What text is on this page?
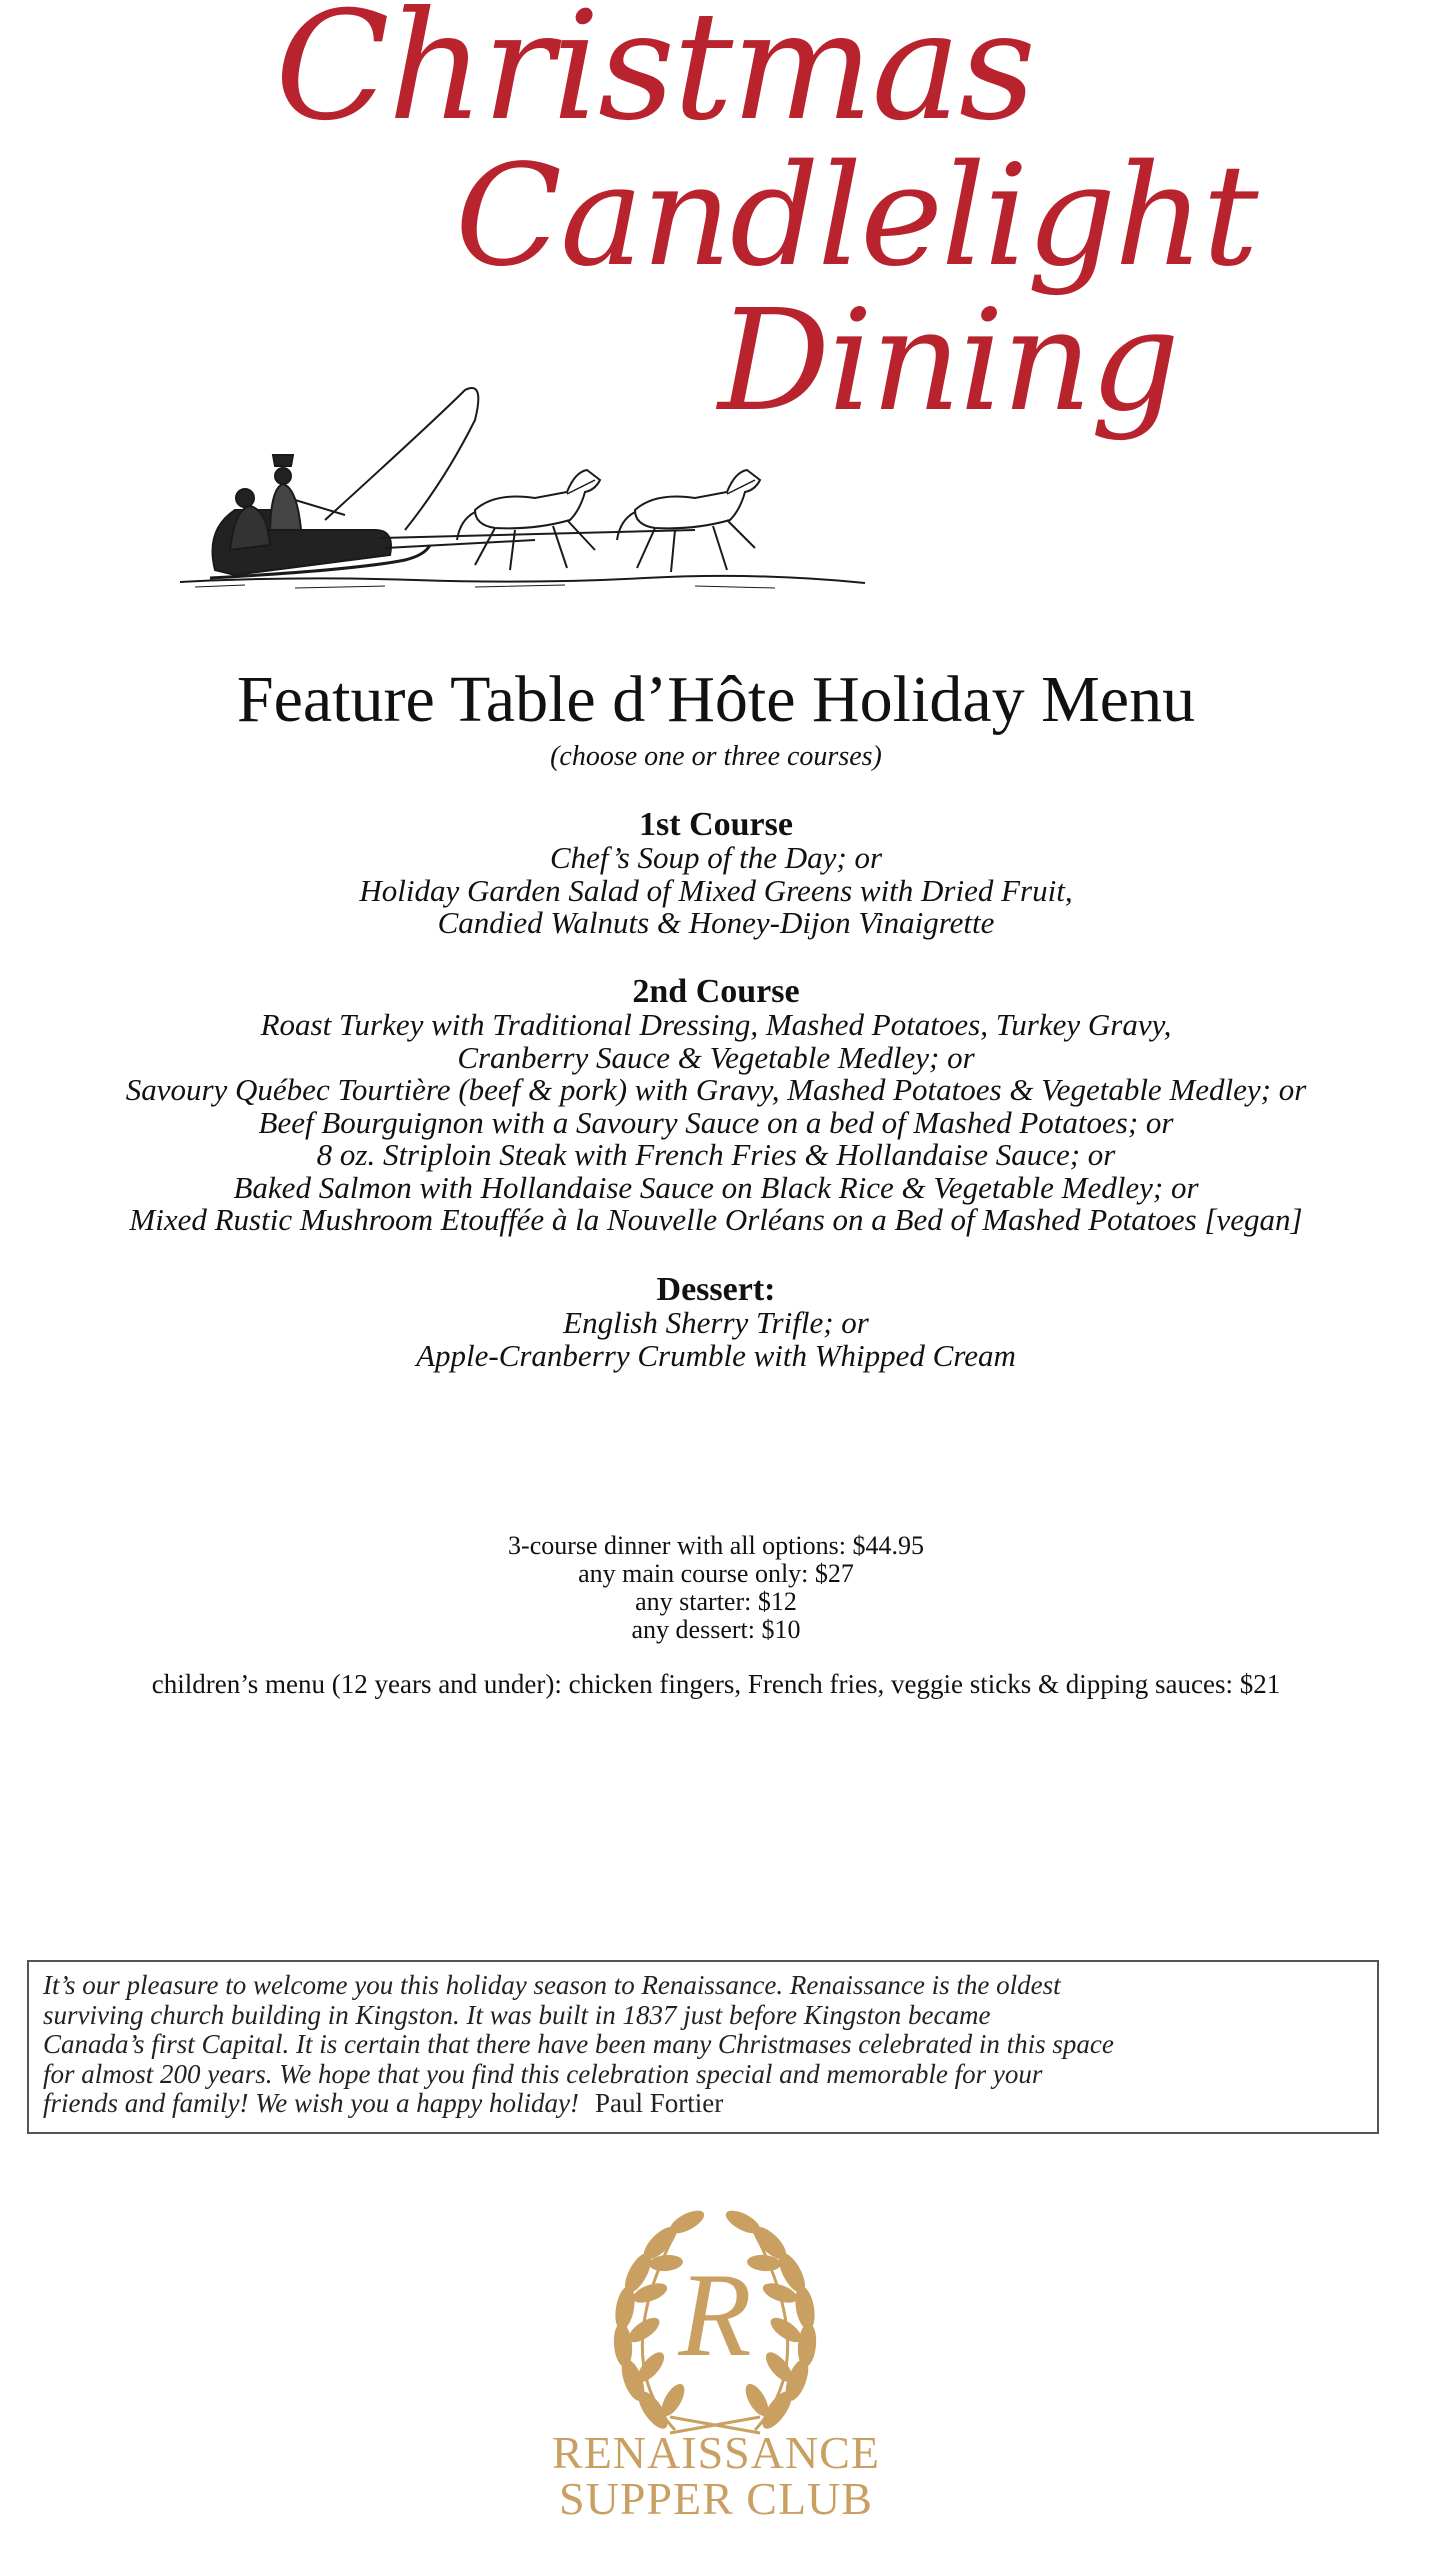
Christmas
Candlelight
Dining
Feature Table d’Hôte Holiday Menu
(choose one or three courses)
1st Course
Chef’s Soup of the Day; or
Holiday Garden Salad of Mixed Greens with Dried Fruit,
Candied Walnuts & Honey-Dijon Vinaigrette
2nd Course
Roast Turkey with Traditional Dressing, Mashed Potatoes, Turkey Gravy,
Cranberry Sauce & Vegetable Medley; or
Savoury Québec Tourtière (beef & pork) with Gravy, Mashed Potatoes & Vegetable Medley; or
Beef Bourguignon with a Savoury Sauce on a bed of Mashed Potatoes; or
8 oz. Striploin Steak with French Fries & Hollandaise Sauce; or
Baked Salmon with Hollandaise Sauce on Black Rice & Vegetable Medley; or
Mixed Rustic Mushroom Etouffée à la Nouvelle Orléans on a Bed of Mashed Potatoes [vegan]
Dessert:
English Sherry Trifle; or
Apple-Cranberry Crumble with Whipped Cream
3-course dinner with all options: $44.95
any main course only: $27
any starter: $12
any dessert: $10
children’s menu (12 years and under): chicken fingers, French fries, veggie sticks & dipping sauces: $21
It’s our pleasure to welcome you this holiday season to Renaissance. Renaissance is the oldest
surviving church building in Kingston. It was built in 1837 just before Kingston became
Canada’s first Capital. It is certain that there have been many Christmases celebrated in this space
for almost 200 years. We hope that you find this celebration special and memorable for your
friends and family! We wish you a happy holiday! Paul Fortier
R
RENAISSANCE
SUPPER CLUB
